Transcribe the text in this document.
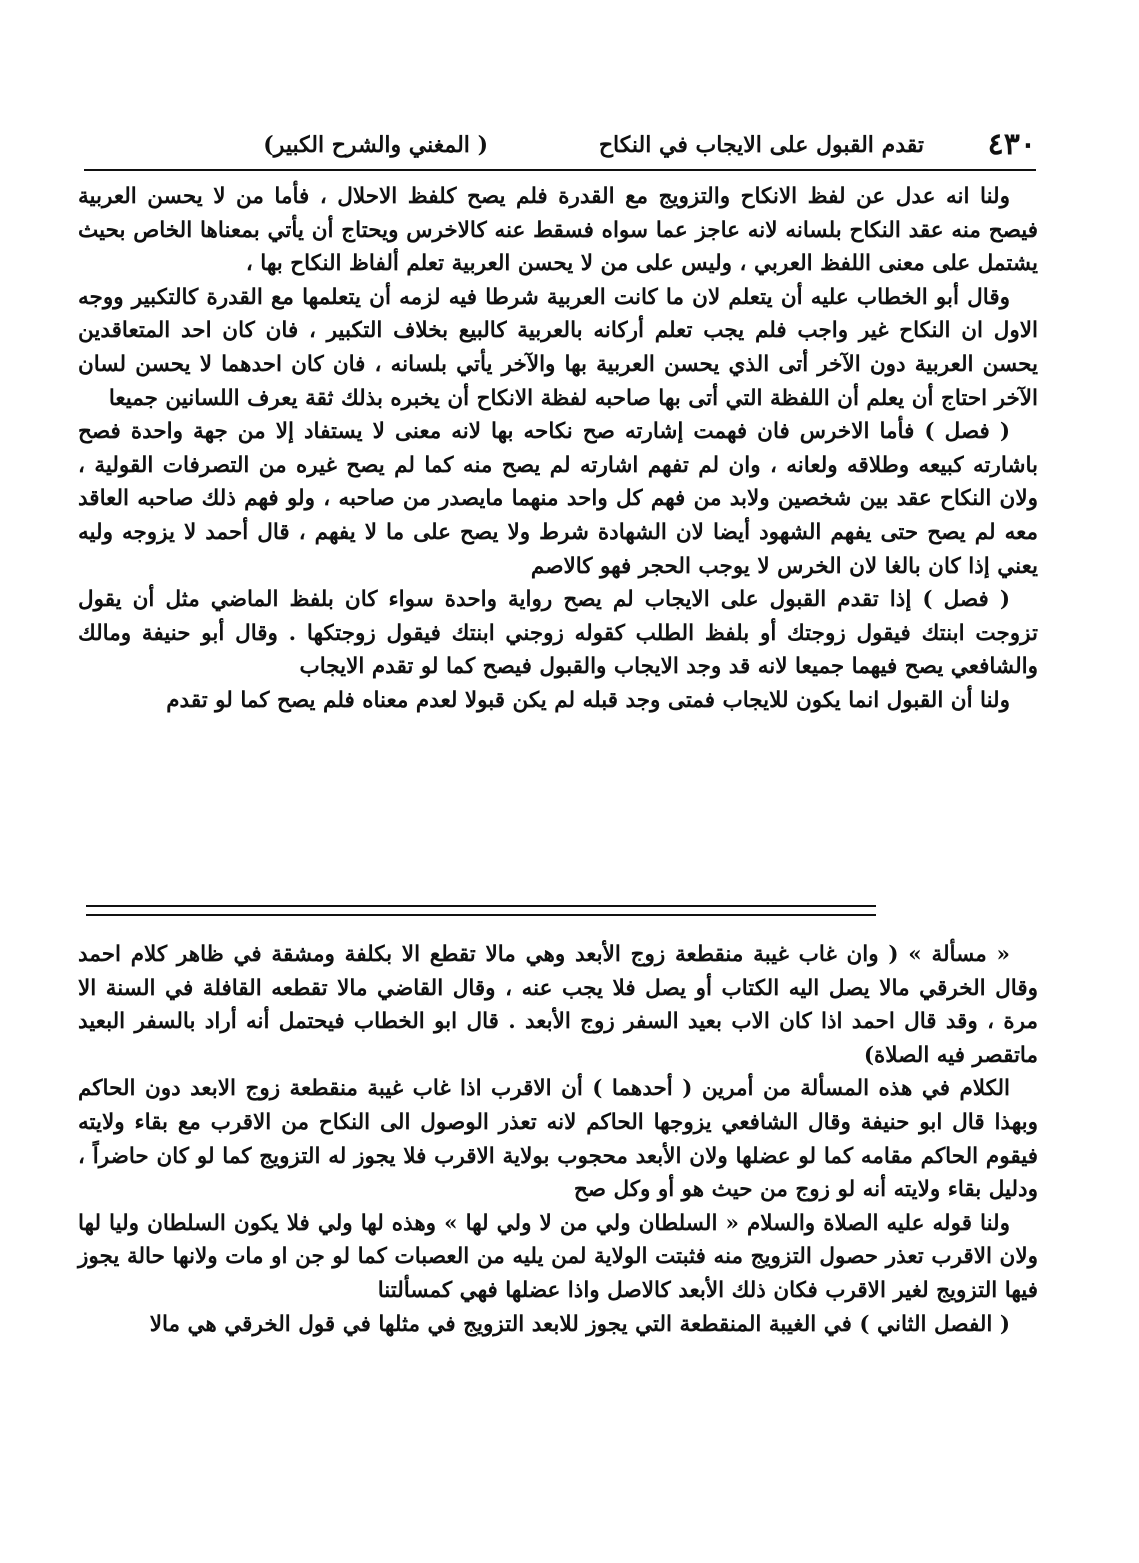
٤٣٠
تقدم القبول على الايجاب في النكاح
( المغني والشرح الكبير)

ولنا انه عدل عن لفظ الانكاح والتزويج مع القدرة فلم يصح كلفظ الاحلال ، فأما من لا يحسن العربية فيصح منه عقد النكاح بلسانه لانه عاجز عما سواه فسقط عنه كالاخرس ويحتاج أن يأتي بمعناها الخاص بحيث يشتمل على معنى اللفظ العربي ، وليس على من لا يحسن العربية تعلم ألفاظ النكاح بها ،

وقال أبو الخطاب عليه أن يتعلم لان ما كانت العربية شرطا فيه لزمه أن يتعلمها مع القدرة كالتكبير ووجه الاول ان النكاح غير واجب فلم يجب تعلم أركانه بالعربية كالبيع بخلاف التكبير ، فان كان احد المتعاقدين يحسن العربية دون الآخر أتى الذي يحسن العربية بها والآخر يأتي بلسانه ، فان كان احدهما لا يحسن لسان الآخر احتاج أن يعلم أن اللفظة التي أتى بها صاحبه لفظة الانكاح أن يخبره بذلك ثقة يعرف اللسانين جميعا

( فصل ) فأما الاخرس فان فهمت إشارته صح نكاحه بها لانه معنى لا يستفاد إلا من جهة واحدة فصح باشارته كبيعه وطلاقه ولعانه ، وان لم تفهم اشارته لم يصح منه كما لم يصح غيره من التصرفات القولية ، ولان النكاح عقد بين شخصين ولابد من فهم كل واحد منهما مايصدر من صاحبه ، ولو فهم ذلك صاحبه العاقد معه لم يصح حتى يفهم الشهود أيضا لان الشهادة شرط ولا يصح على ما لا يفهم ، قال أحمد لا يزوجه وليه يعني إذا كان بالغا لان الخرس لا يوجب الحجر فهو كالاصم

( فصل ) إذا تقدم القبول على الايجاب لم يصح رواية واحدة سواء كان بلفظ الماضي مثل أن يقول تزوجت ابنتك فيقول زوجتك أو بلفظ الطلب كقوله زوجني ابنتك فيقول زوجتكها . وقال أبو حنيفة ومالك والشافعي يصح فيهما جميعا لانه قد وجد الايجاب والقبول فيصح كما لو تقدم الايجاب

ولنا أن القبول انما يكون للايجاب فمتى وجد قبله لم يكن قبولا لعدم معناه فلم يصح كما لو تقدم

« مسألة » ( وان غاب غيبة منقطعة زوج الأبعد وهي مالا تقطع الا بكلفة ومشقة في ظاهر كلام احمد وقال الخرقي مالا يصل اليه الكتاب أو يصل فلا يجب عنه ، وقال القاضي مالا تقطعه القافلة في السنة الا مرة ، وقد قال احمد اذا كان الاب بعيد السفر زوج الأبعد . قال ابو الخطاب فيحتمل أنه أراد بالسفر البعيد ماتقصر فيه الصلاة)

الكلام في هذه المسألة من أمرين ( أحدهما ) أن الاقرب اذا غاب غيبة منقطعة زوج الابعد دون الحاكم وبهذا قال ابو حنيفة وقال الشافعي يزوجها الحاكم لانه تعذر الوصول الى النكاح من الاقرب مع بقاء ولايته فيقوم الحاكم مقامه كما لو عضلها ولان الأبعد محجوب بولاية الاقرب فلا يجوز له التزويج كما لو كان حاضراً ، ودليل بقاء ولايته أنه لو زوج من حيث هو أو وكل صح

ولنا قوله عليه الصلاة والسلام « السلطان ولي من لا ولي لها » وهذه لها ولي فلا يكون السلطان وليا لها ولان الاقرب تعذر حصول التزويج منه فثبتت الولاية لمن يليه من العصبات كما لو جن او مات ولانها حالة يجوز فيها التزويج لغير الاقرب فكان ذلك الأبعد كالاصل واذا عضلها فهي كمسألتنا

( الفصل الثاني ) في الغيبة المنقطعة التي يجوز للابعد التزويج في مثلها في قول الخرقي هي مالا
